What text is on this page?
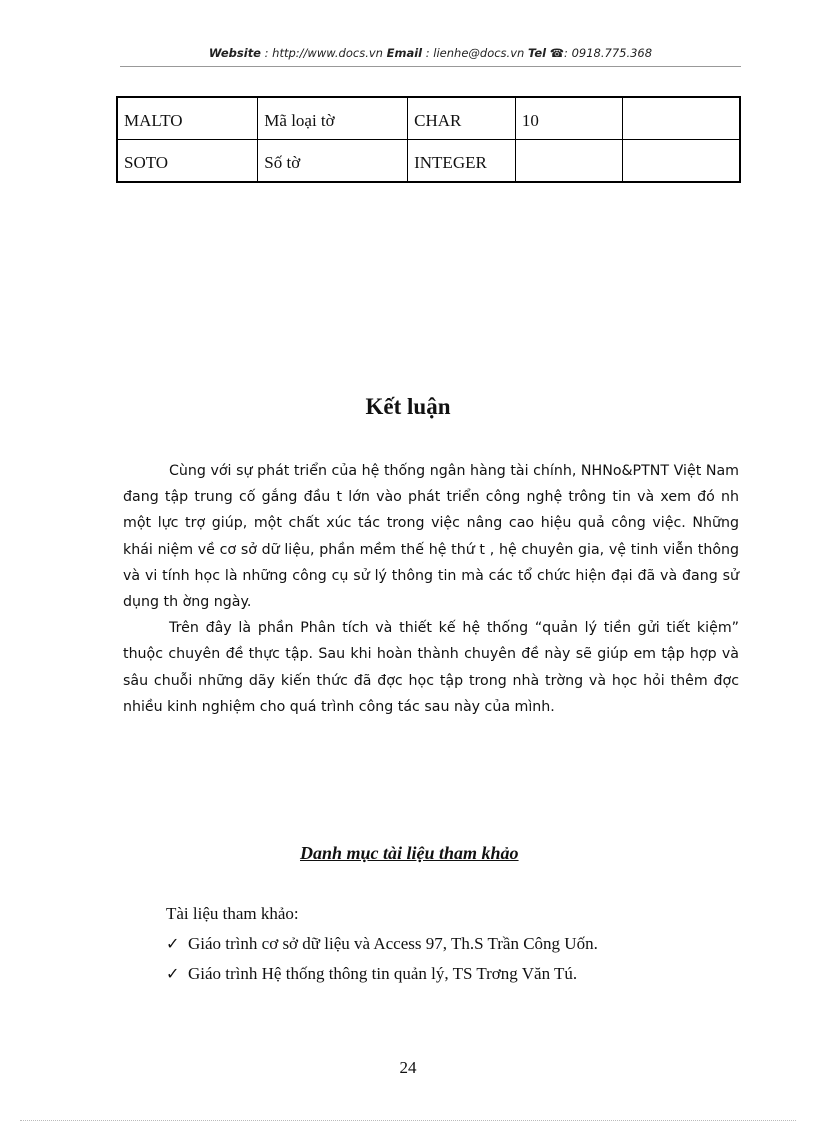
Website : http://www.docs.vn Email : lienhe@docs.vn Tel ☎: 0918.775.368
MALTO	Mã loại tờ	CHAR	10	
SOTO	Số tờ	INTEGER		
Kết luận

Cùng với sự phát triển của hệ thống ngân hàng tài chính, NHNo&PTNT Việt Nam đang tập trung cố gắng đầu t lớn vào phát triển công nghệ trông tin và xem đó nh một lực trợ giúp, một chất xúc tác trong việc nâng cao hiệu quả công việc. Những khái niệm về cơ sở dữ liệu, phần mềm thế hệ thứ t , hệ chuyên gia, vệ tinh viễn thông và vi tính học là những công cụ sử lý thông tin mà các tổ chức hiện đại đã và đang sử dụng th ờng ngày.

Trên đây là phần Phân tích và thiết kế hệ thống “quản lý tiền gửi tiết kiệm” thuộc chuyên đề thực tập. Sau khi hoàn thành chuyên đề này sẽ giúp em tập hợp và sâu chuỗi những dãy kiến thức đã đợc học tập trong nhà trờng và học hỏi thêm đợc nhiều kinh nghiệm cho quá trình công tác sau này của mình.

Danh mục tài liệu tham khảo
Tài liệu tham khảo:
✓ Giáo trình cơ sở dữ liệu và Access 97, Th.S Trần Công Uốn.
✓ Giáo trình Hệ thống thông tin quản lý, TS Trơng Văn Tú.
24
